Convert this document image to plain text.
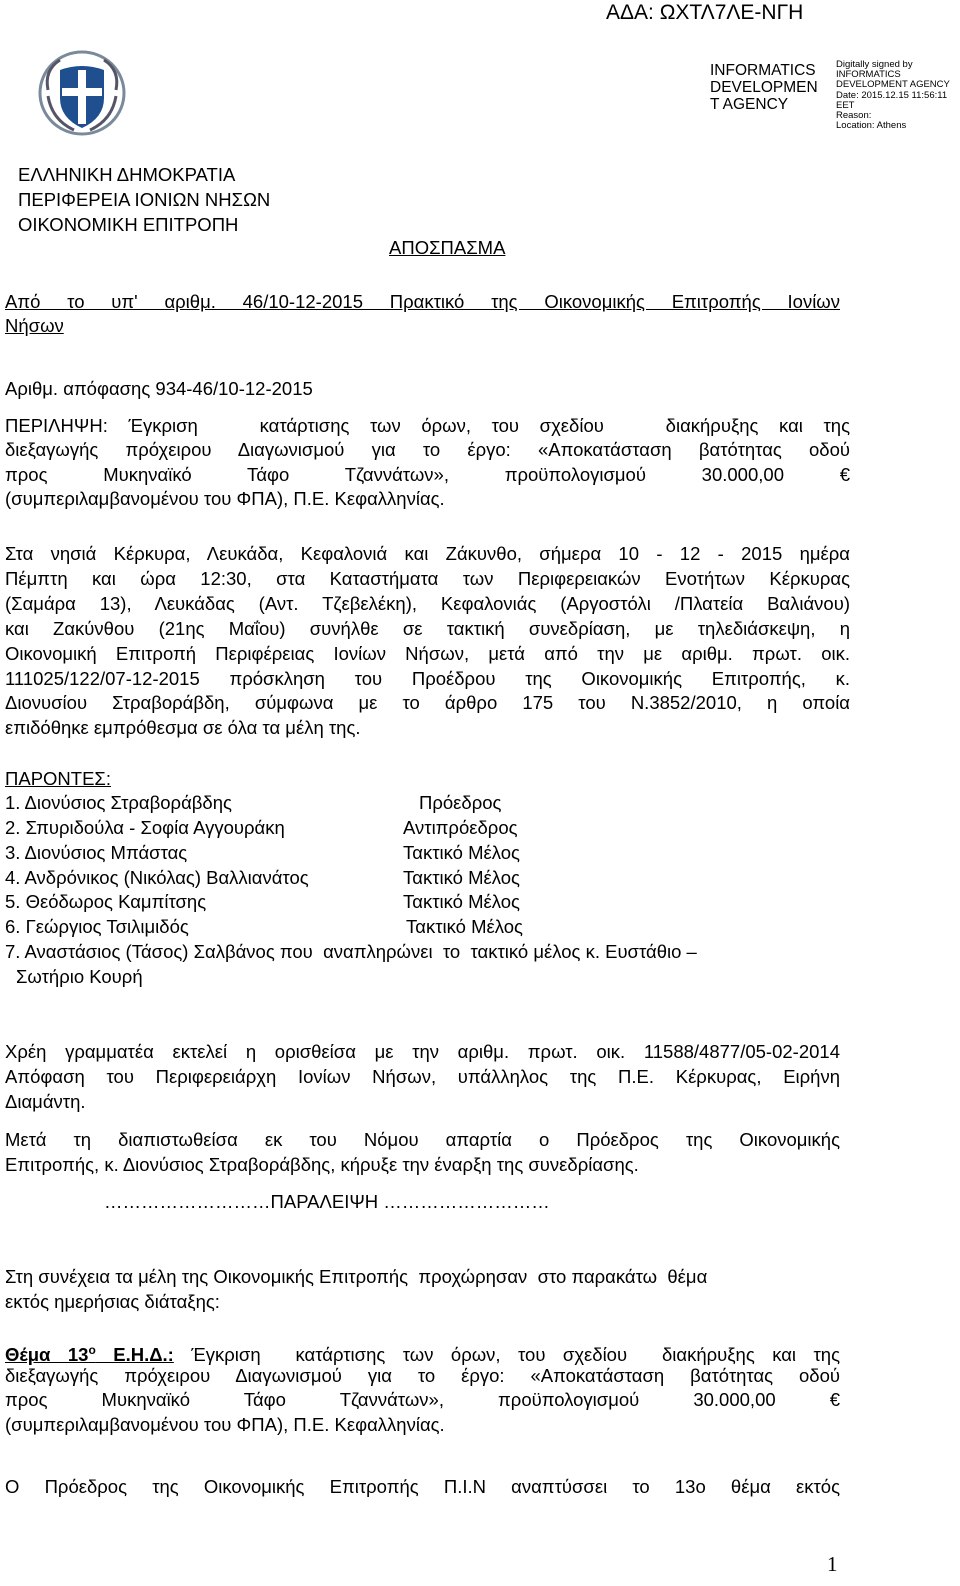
ΑΔΑ: ΩΧΤΛ7ΛΕ-ΝΓΗ
INFORMATICS
DEVELOPMEN
T AGENCY
Digitally signed by
INFORMATICS
DEVELOPMENT AGENCY
Date: 2015.12.15 11:56:11
EET
Reason:
Location: Athens
ΕΛΛΗΝΙΚΗ ΔΗΜΟΚΡΑΤΙΑ
ΠΕΡΙΦΕΡΕΙΑ ΙΟΝΙΩΝ ΝΗΣΩΝ
ΟΙΚΟΝΟΜΙΚΗ ΕΠΙΤΡΟΠΗ
ΑΠΟΣΠΑΣΜΑ
Από το υπ' αριθμ. 46/10-12-2015 Πρακτικό της Οικονομικής Επιτροπής Ιονίων
Νήσων
Αριθμ. απόφασης 934-46/10-12-2015
ΠΕΡΙΛΗΨΗ: Έγκριση   κατάρτισης των όρων, του σχεδίου   διακήρυξης και της
διεξαγωγής πρόχειρου Διαγωνισμού για το έργο: «Αποκατάσταση βατότητας οδού
προς Μυκηναϊκό Τάφο Τζαννάτων», προϋπολογισμού 30.000,00 €
(συμπεριλαμβανομένου του ΦΠΑ), Π.Ε. Κεφαλληνίας.
Στα νησιά Κέρκυρα, Λευκάδα, Κεφαλονιά και Ζάκυνθο, σήμερα 10 - 12 - 2015 ημέρα
Πέμπτη και ώρα 12:30, στα Καταστήματα των Περιφερειακών Ενοτήτων Κέρκυρας
(Σαμάρα 13), Λευκάδας (Αντ. Τζεβελέκη), Κεφαλονιάς (Αργοστόλι /Πλατεία Βαλιάνου)
και Ζακύνθου (21ης Μαΐου) συνήλθε σε τακτική συνεδρίαση, με τηλεδιάσκεψη, η
Οικονομική Επιτροπή Περιφέρειας Ιονίων Νήσων, μετά από την με αριθμ. πρωτ. οικ.
111025/122/07-12-2015 πρόσκληση του Προέδρου της Οικονομικής Επιτροπής, κ.
Διονυσίου Στραβοράβδη, σύμφωνα με το άρθρο 175 του Ν.3852/2010, η οποία
επιδόθηκε εμπρόθεσμα σε όλα τα μέλη της.
ΠΑΡΟΝΤΕΣ:
1. Διονύσιος Στραβοράβδης	Πρόεδρος
2. Σπυριδούλα - Σοφία Αγγουράκη	Αντιπρόεδρος
3. Διονύσιος Μπάστας	Τακτικό Μέλος
4. Ανδρόνικος (Νικόλας) Βαλλιανάτος	Τακτικό Μέλος
5. Θεόδωρος Καμπίτσης	Τακτικό Μέλος
6. Γεώργιος Τσιλιμιδός	Τακτικό Μέλος
7. Αναστάσιος (Τάσος) Σαλβάνος που  αναπληρώνει  το  τακτικό μέλος κ. Ευστάθιο –
Σωτήριο Κουρή
Χρέη γραμματέα εκτελεί η ορισθείσα με την αριθμ. πρωτ. οικ. 11588/4877/05-02-2014
Απόφαση του Περιφερειάρχη Ιονίων Νήσων, υπάλληλος της Π.Ε. Κέρκυρας, Ειρήνη
Διαμάντη.
Μετά τη διαπιστωθείσα εκ του Νόμου απαρτία ο Πρόεδρος της Οικονομικής
Επιτροπής, κ. Διονύσιος Στραβοράβδης, κήρυξε την έναρξη της συνεδρίασης.
………………………ΠΑΡΑΛΕΙΨΗ ………………………
Στη συνέχεια τα μέλη της Οικονομικής Επιτροπής  προχώρησαν  στο παρακάτω  θέμα
εκτός ημερήσιας διάταξης:
Θέμα $13^o$ Ε.Η.Δ.: Έγκριση  κατάρτισης των όρων, του σχεδίου  διακήρυξης και της
διεξαγωγής πρόχειρου Διαγωνισμού για το έργο: «Αποκατάσταση βατότητας οδού
προς Μυκηναϊκό Τάφο Τζαννάτων», προϋπολογισμού 30.000,00 €
(συμπεριλαμβανομένου του ΦΠΑ), Π.Ε. Κεφαλληνίας.
Ο Πρόεδρος της Οικονομικής Επιτροπής Π.Ι.Ν αναπτύσσει το 13ο θέμα εκτός
1
